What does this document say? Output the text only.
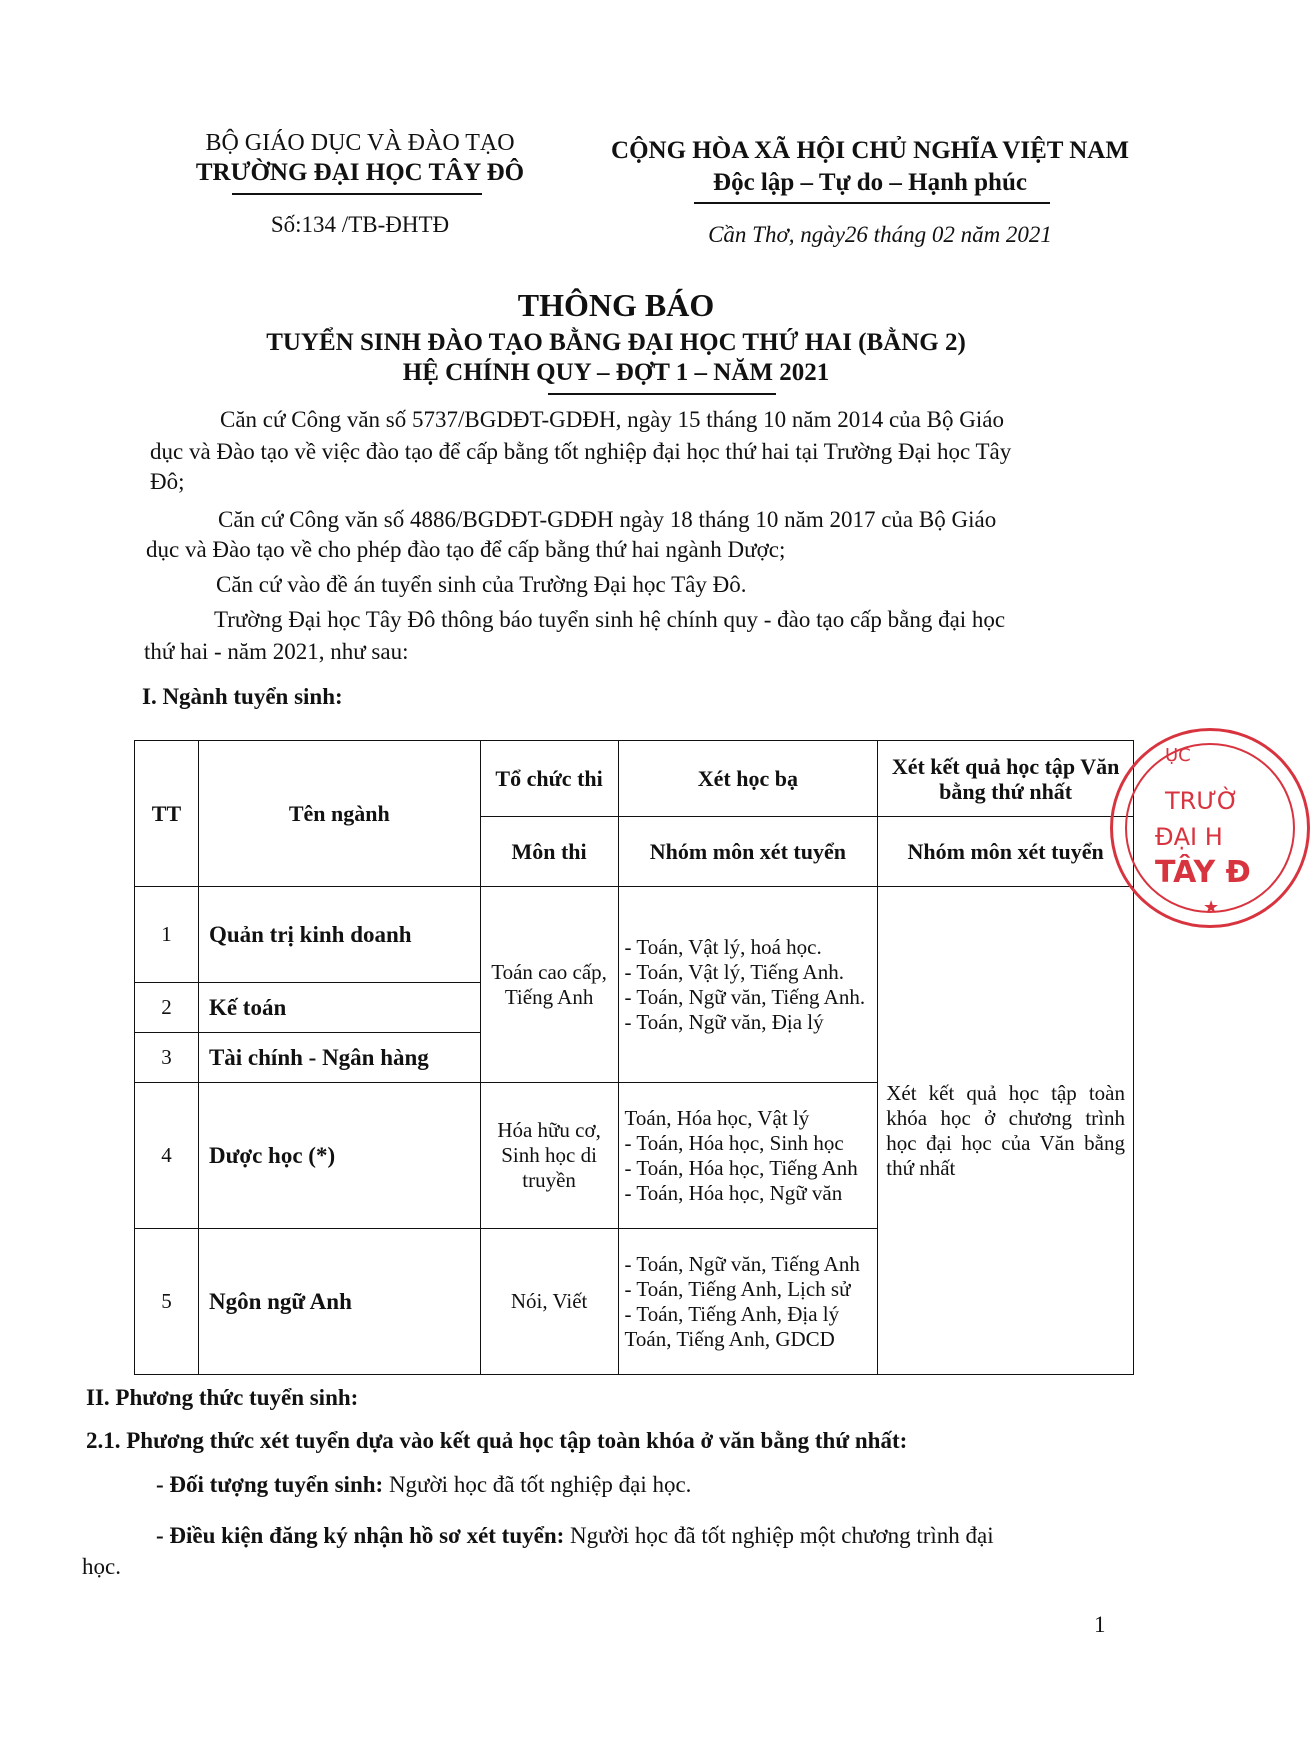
BỘ GIÁO DỤC VÀ ĐÀO TẠO
TRƯỜNG ĐẠI HỌC TÂY ĐÔ
Số:134 /TB-ĐHTĐ
CỘNG HÒA XÃ HỘI CHỦ NGHĨA VIỆT NAM
Độc lập – Tự do – Hạnh phúc
Cần Thơ, ngày26 tháng 02 năm 2021
THÔNG BÁO
TUYỂN SINH ĐÀO TẠO BẰNG ĐẠI HỌC THỨ HAI (BẰNG 2)
HỆ CHÍNH QUY – ĐỢT 1 – NĂM 2021
Căn cứ Công văn số 5737/BGDĐT-GDĐH, ngày 15 tháng 10 năm 2014 của Bộ Giáo
dục và Đào tạo về việc đào tạo để cấp bằng tốt nghiệp đại học thứ hai tại Trường Đại học Tây
Đô;
Căn cứ Công văn số 4886/BGDĐT-GDĐH ngày 18 tháng 10 năm 2017 của Bộ Giáo
dục và Đào tạo về cho phép đào tạo để cấp bằng thứ hai ngành Dược;
Căn cứ vào đề án tuyển sinh của Trường Đại học Tây Đô.
Trường Đại học Tây Đô thông báo tuyển sinh hệ chính quy - đào tạo cấp bằng đại học
thứ hai - năm 2021, như sau:
I. Ngành tuyển sinh:
TT	Tên ngành	Tổ chức thi	Xét học bạ	Xét kết quả học tập Văn bằng thứ nhất
		Môn thi	Nhóm môn xét tuyển	Nhóm môn xét tuyển
1	Quản trị kinh doanh	Toán cao cấp, Tiếng Anh	- Toán, Vật lý, hoá học.
- Toán, Vật lý, Tiếng Anh.
- Toán, Ngữ văn, Tiếng Anh.
- Toán, Ngữ văn, Địa lý	Xét kết quả học tập toàn khóa học ở chương trình học đại học của Văn bằng thứ nhất
2	Kế toán			
3	Tài chính - Ngân hàng			
4	Dược học (*)	Hóa hữu cơ, Sinh học di truyền	Toán, Hóa học, Vật lý
- Toán, Hóa học, Sinh học
- Toán, Hóa học, Tiếng Anh
- Toán, Hóa học, Ngữ văn	

5	Ngôn ngữ Anh	Nói, Viết	- Toán, Ngữ văn, Tiếng Anh
- Toán, Tiếng Anh, Lịch sử
- Toán, Tiếng Anh, Địa lý
Toán, Tiếng Anh, GDCD	
ỤC
TRƯỜ
ĐẠI H
TÂY Đ
★
II. Phương thức tuyển sinh:
2.1. Phương thức xét tuyển dựa vào kết quả học tập toàn khóa ở văn bằng thứ nhất:
- Đối tượng tuyển sinh: Người học đã tốt nghiệp đại học.
- Điều kiện đăng ký nhận hồ sơ xét tuyển: Người học đã tốt nghiệp một chương trình đại
học.
1
